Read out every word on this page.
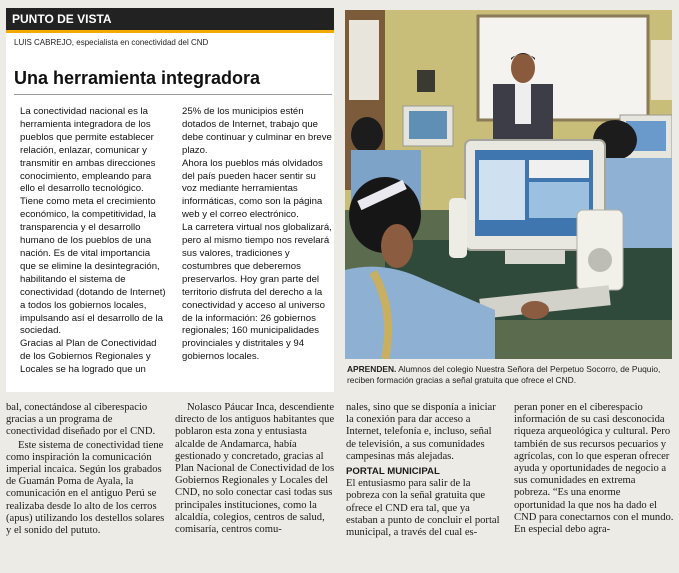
PUNTO DE VISTA
LUIS CABREJO, especialista en conectividad del CND
Una herramienta integradora

La conectividad nacional es la herramienta integradora de los pueblos que permite establecer relación, enlazar, comunicar y transmitir en ambas direcciones conocimiento, empleando para ello el desarrollo tecnológico. Tiene como meta el crecimiento económico, la competitividad, la transparencia y el desarrollo humano de los pueblos de una nación. Es de vital importancia que se elimine la desintegración, habilitando el sistema de conectividad (dotando de Internet) a todos los gobiernos locales, impulsando así el desarrollo de la sociedad.

Gracias al Plan de Conectividad de los Gobiernos Regionales y Locales se ha logrado que un

25% de los municipios estén dotados de Internet, trabajo que debe continuar y culminar en breve plazo.

Ahora los pueblos más olvidados del país pueden hacer sentir su voz mediante herramientas informáticas, como son la página web y el correo electrónico.

La carretera virtual nos globalizará, pero al mismo tiempo nos revelará sus valores, tradiciones y costumbres que deberemos preservarlos. Hoy gran parte del territorio disfruta del derecho a la conectividad y acceso al universo de la información: 26 gobiernos regionales; 160 municipalidades provinciales y distritales y 94 gobiernos locales.

APRENDEN. Alumnos del colegio Nuestra Señora del Perpetuo Socorro, de Puquio, reciben formación gracias a señal gratuita que ofrece el CND.

bal, conectándose al ciberespacio gracias a un programa de conectividad diseñado por el CND.

Este sistema de conectividad tiene como inspiración la comunicación imperial incaica. Según los grabados de Guamán Poma de Ayala, la comunicación en el antiguo Perú se realizaba desde lo alto de los cerros (apus) utilizando los destellos solares y el sonido del pututo.

Nolasco Páucar Inca, descendiente directo de los antiguos habitantes que poblaron esta zona y entusiasta alcalde de Andamarca, había gestionado y concretado, gracias al Plan Nacional de Conectividad de los Gobiernos Regionales y Locales del CND, no solo conectar casi todas sus principales instituciones, como la alcaldía, colegios, centros de salud, comisaría, centros comu-

nales, sino que se disponía a iniciar la conexión para dar acceso a Internet, telefonía e, incluso, señal de televisión, a sus comunidades campesinas más alejadas.

PORTAL MUNICIPAL

El entusiasmo para salir de la pobreza con la señal gratuita que ofrece el CND era tal, que ya estaban a punto de concluir el portal municipal, a través del cual es-

peran poner en el ciberespacio información de su casi desconocida riqueza arqueológica y cultural. Pero también de sus recursos pecuarios y agrícolas, con lo que esperan ofrecer ayuda y oportunidades de negocio a sus comunidades en extrema pobreza. “Es una enorme oportunidad la que nos ha dado el CND para conectarnos con el mundo. En especial debo agra-
